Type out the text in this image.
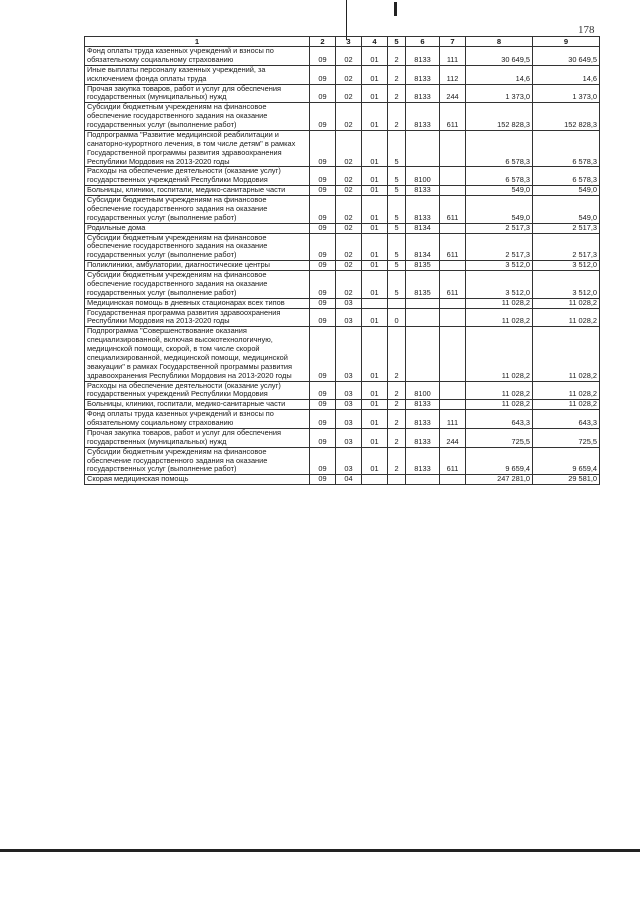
178
1	2	3	4	5	6	7	8	9
Фонд оплаты труда казенных учреждений и взносы по обязательному социальному страхованию	09	02	01	2	8133	111	30 649,5	30 649,5
Иные выплаты персоналу казенных учреждений, за исключением фонда оплаты труда	09	02	01	2	8133	112	14,6	14,6
Прочая закупка товаров, работ и услуг для обеспечения государственных (муниципальных) нужд	09	02	01	2	8133	244	1 373,0	1 373,0
Субсидии бюджетным учреждениям на финансовое обеспечение государственного задания на оказание государственных услуг (выполнение работ)	09	02	01	2	8133	611	152 828,3	152 828,3
Подпрограмма "Развитие медицинской реабилитации и санаторно-курортного лечения, в том числе детям" в рамках Государственной программы развития здравоохранения Республики Мордовия на 2013-2020 годы	09	02	01	5			6 578,3	6 578,3
Расходы на обеспечение деятельности (оказание услуг) государственных учреждений Республики Мордовия	09	02	01	5	8100		6 578,3	6 578,3
Больницы, клиники, госпитали, медико-санитарные части	09	02	01	5	8133		549,0	549,0
Субсидии бюджетным учреждениям на финансовое обеспечение государственного задания на оказание государственных услуг (выполнение работ)	09	02	01	5	8133	611	549,0	549,0
Родильные дома	09	02	01	5	8134		2 517,3	2 517,3
Субсидии бюджетным учреждениям на финансовое обеспечение государственного задания на оказание государственных услуг (выполнение работ)	09	02	01	5	8134	611	2 517,3	2 517,3
Поликлиники, амбулатории, диагностические центры	09	02	01	5	8135		3 512,0	3 512,0
Субсидии бюджетным учреждениям на финансовое обеспечение государственного задания на оказание государственных услуг (выполнение работ)	09	02	01	5	8135	611	3 512,0	3 512,0
Медицинская помощь в дневных стационарах всех типов	09	03					11 028,2	11 028,2
Государственная программа развития здравоохранения Республики Мордовия на 2013-2020 годы	09	03	01	0			11 028,2	11 028,2
Подпрограмма "Совершенствование оказания специализированной, включая высокотехнологичную, медицинской помощи, скорой, в том числе скорой специализированной, медицинской помощи, медицинской эвакуации" в рамках Государственной программы развития здравоохранения Республики Мордовия на 2013-2020 годы	09	03	01	2			11 028,2	11 028,2
Расходы на обеспечение деятельности (оказание услуг) государственных учреждений Республики Мордовия	09	03	01	2	8100		11 028,2	11 028,2
Больницы, клиники, госпитали, медико-санитарные части	09	03	01	2	8133		11 028,2	11 028,2
Фонд оплаты труда казенных учреждений и взносы по обязательному социальному страхованию	09	03	01	2	8133	111	643,3	643,3
Прочая закупка товаров, работ и услуг для обеспечения государственных (муниципальных) нужд	09	03	01	2	8133	244	725,5	725,5
Субсидии бюджетным учреждениям на финансовое обеспечение государственного задания на оказание государственных услуг (выполнение работ)	09	03	01	2	8133	611	9 659,4	9 659,4
Скорая медицинская помощь	09	04					247 281,0	29 581,0
